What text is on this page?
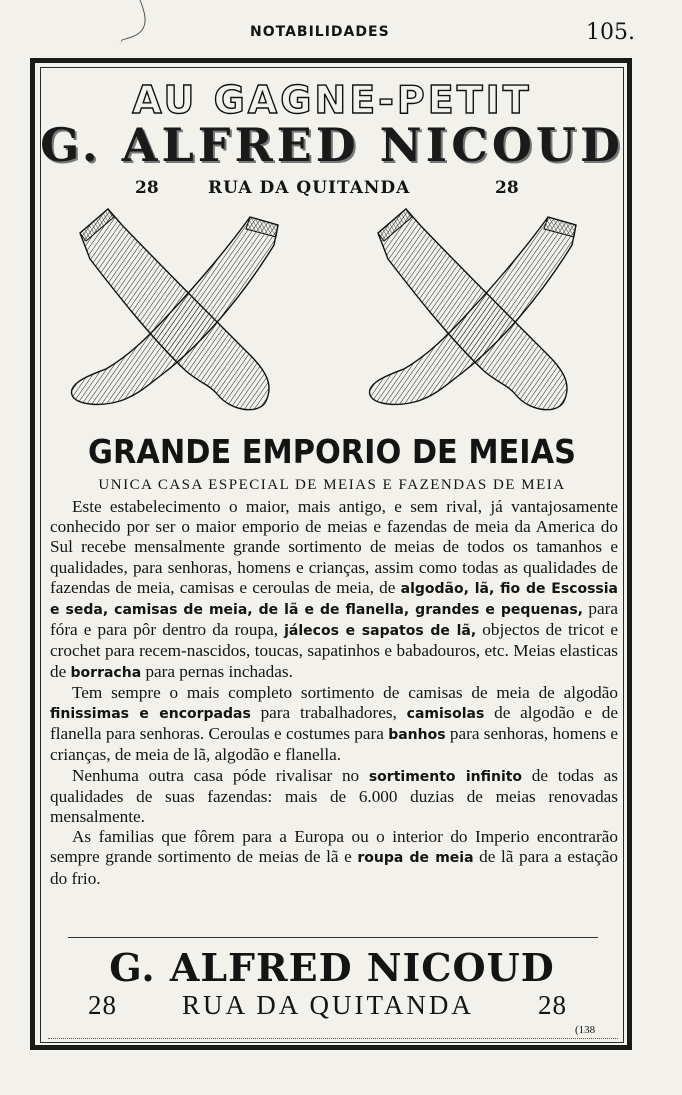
NOTABILIDADES	105.
AU GAGNE-PETIT
G. ALFRED NICOUD
28	RUA DA QUITANDA	28
GRANDE EMPORIO DE MEIAS
UNICA CASA ESPECIAL DE MEIAS E FAZENDAS DE MEIA

Este estabelecimento o maior, mais antigo, e sem rival, já vantajosamente conhecido por ser o maior emporio de meias e fazendas de meia da America do Sul recebe mensalmente grande sortimento de meias de todos os tamanhos e qualidades, para senhoras, homens e crianças, assim como todas as qualidades de fazendas de meia, camisas e ceroulas de meia, de algodão, lã, fio de Escossia e seda, camisas de meia, de lã e de flanella, grandes e pequenas, para fóra e para pôr dentro da roupa, jálecos e sapatos de lã, objectos de tricot e crochet para recem-nascidos, toucas, sapatinhos e babadouros, etc. Meias elasticas de borracha para pernas inchadas.

Tem sempre o mais completo sortimento de camisas de meia de algodão finissimas e encorpadas para trabalhadores, camisolas de algodão e de flanella para senhoras. Ceroulas e costumes para banhos para senhoras, homens e crianças, de meia de lã, algodão e flanella.

Nenhuma outra casa póde rivalisar no sortimento infinito de todas as qualidades de suas fazendas: mais de 6.000 duzias de meias renovadas mensalmente.

As familias que fôrem para a Europa ou o interior do Imperio encontrarão sempre grande sortimento de meias de lã e roupa de meia de lã para a estação do frio.

G. ALFRED NICOUD
28 RUA DA QUITANDA 28
(138
